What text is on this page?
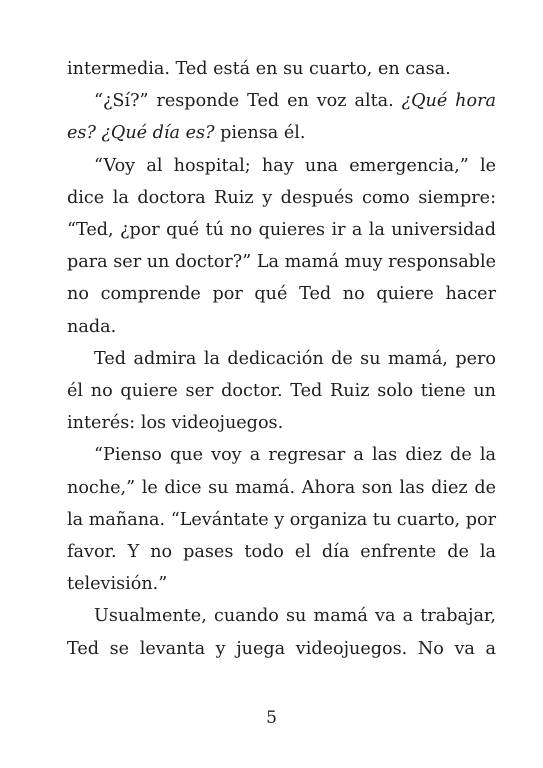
intermedia. Ted está en su cuarto, en casa.

“¿Sí?” responde Ted en voz alta. ¿Qué hora es? ¿Qué día es? piensa él.

“Voy al hospital; hay una emergencia,” le dice la doctora Ruiz y después como siempre: “Ted, ¿por qué tú no quieres ir a la universidad para ser un doctor?” La mamá muy responsable no comprende por qué Ted no quiere hacer nada.

Ted admira la dedicación de su mamá, pero él no quiere ser doctor. Ted Ruiz solo tiene un interés: los videojuegos.

“Pienso que voy a regresar a las diez de la noche,” le dice su mamá. Ahora son las diez de la mañana. “Levántate y organiza tu cuarto, por favor. Y no pases todo el día enfrente de la televisión.”

Usualmente, cuando su mamá va a trabajar, Ted se levanta y juega videojuegos. No va a

5
